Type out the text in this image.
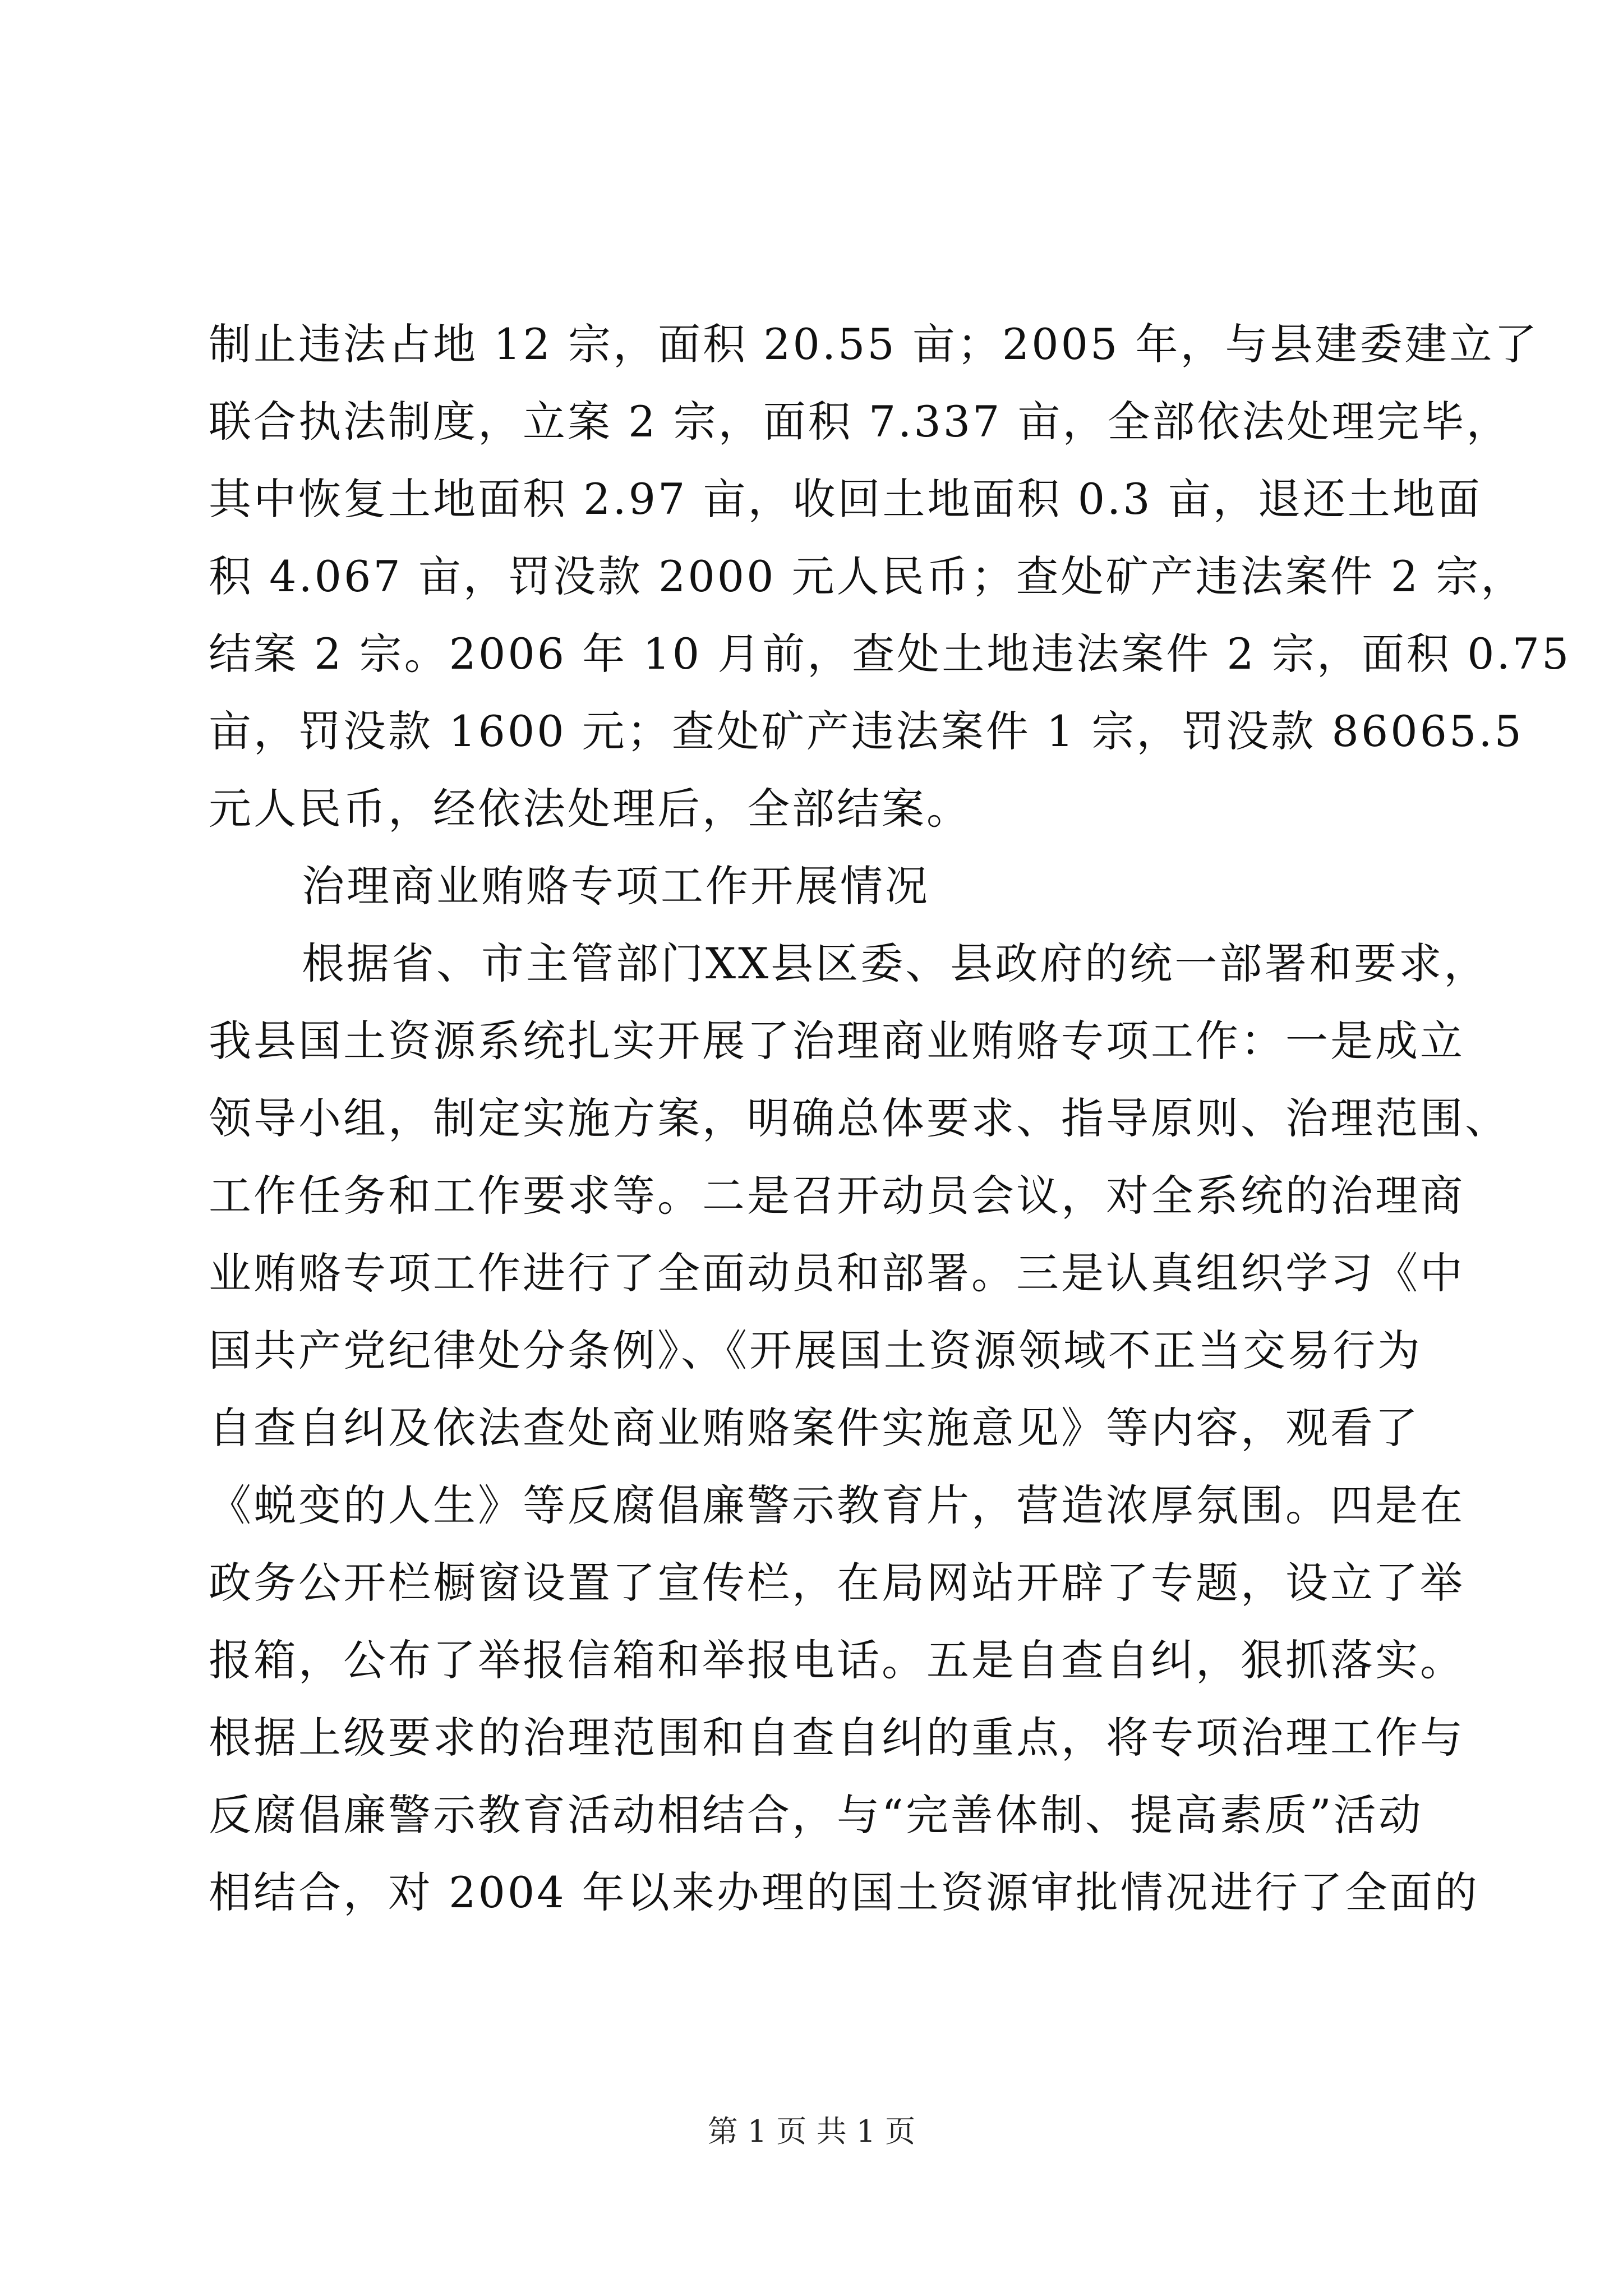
制止违法占地 12 宗，面积 20.55 亩；2005 年，与县建委建立了
联合执法制度，立案 2 宗，面积 7.337 亩，全部依法处理完毕，
其中恢复土地面积 2.97 亩，收回土地面积 0.3 亩，退还土地面
积 4.067 亩，罚没款 2000 元人民币；查处矿产违法案件 2 宗，
结案 2 宗。2006 年 10 月前，查处土地违法案件 2 宗，面积 0.75
亩，罚没款 1600 元；查处矿产违法案件 1 宗，罚没款 86065.5
元人民币，经依法处理后，全部结案。
治理商业贿赂专项工作开展情况
根据省、市主管部门XX县区委、县政府的统一部署和要求，
我县国土资源系统扎实开展了治理商业贿赂专项工作：一是成立
领导小组，制定实施方案，明确总体要求、指导原则、治理范围、
工作任务和工作要求等。二是召开动员会议，对全系统的治理商
业贿赂专项工作进行了全面动员和部署。三是认真组织学习《中
国共产党纪律处分条例》、《开展国土资源领域不正当交易行为
自查自纠及依法查处商业贿赂案件实施意见》等内容，观看了
《蜕变的人生》等反腐倡廉警示教育片，营造浓厚氛围。四是在
政务公开栏橱窗设置了宣传栏，在局网站开辟了专题，设立了举
报箱，公布了举报信箱和举报电话。五是自查自纠，狠抓落实。
根据上级要求的治理范围和自查自纠的重点，将专项治理工作与
反腐倡廉警示教育活动相结合，与“完善体制、提高素质”活动
相结合，对 2004 年以来办理的国土资源审批情况进行了全面的
第 1 页 共 1 页
